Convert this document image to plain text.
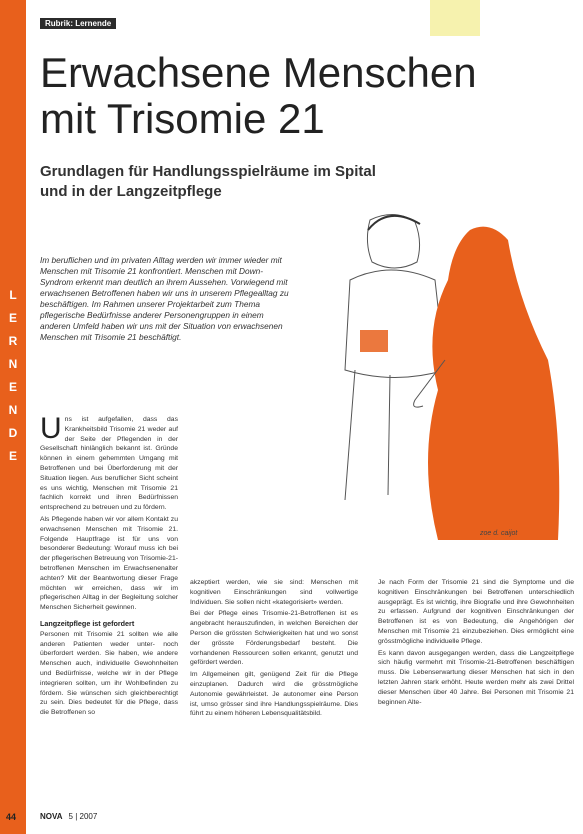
L
E
R
N
E
N
D
E
Rubrik: Lernende
Erwachsene Menschen
mit Trisomie 21
Grundlagen für Handlungsspielräume im Spital
und in der Langzeitpflege

Im beruflichen und im privaten Alltag werden wir immer wieder mit Menschen mit Trisomie 21 konfrontiert. Menschen mit Down-Syndrom erkennt man deutlich an ihrem Aussehen. Vorwiegend mit erwachsenen Betroffenen haben wir uns in unserem Pflegealltag zu beschäftigen. Im Rahmen unserer Projektarbeit zum Thema pflegerische Bedürfnisse anderer Personengruppen in einem anderen Umfeld haben wir uns mit der Situation von erwachsenen Menschen mit Trisomie 21 beschäftigt.

zoe d. caijot

Uns ist aufgefallen, dass das Krankheitsbild Trisomie 21 weder auf der Seite der Pflegenden in der Gesellschaft hinlänglich bekannt ist. Gründe können in einem gehemmten Umgang mit Betroffenen und bei Überforderung mit der Situation liegen. Aus beruflicher Sicht scheint es uns wichtig, Menschen mit Trisomie 21 fachlich korrekt und ihren Bedürfnissen entsprechend zu betreuen und zu fördern.

Als Pflegende haben wir vor allem Kontakt zu erwachsenen Menschen mit Trisomie 21. Folgende Hauptfrage ist für uns von besonderer Bedeutung: Worauf muss ich bei der pflegerischen Betreuung von Trisomie-21-betroffenen Menschen im Erwachsenenalter achten? Mit der Beantwortung dieser Frage möchten wir erreichen, dass wir im pflegerischen Alltag in der Begleitung solcher Menschen Sicherheit gewinnen.

Langzeitpflege ist gefordert

Personen mit Trisomie 21 sollten wie alle anderen Patienten weder unter- noch überfordert werden. Sie haben, wie andere Menschen auch, individuelle Gewohnheiten und Bedürfnisse, welche wir in der Pflege integrieren sollten, um ihr Wohlbefinden zu fördern. Sie wünschen sich gleichberechtigt zu sein. Dies bedeutet für die Pflege, dass die Betroffenen so

akzeptiert werden, wie sie sind: Menschen mit kognitiven Einschränkungen sind vollwertige Individuen. Sie sollen nicht «kategorisiert» werden.

Bei der Pflege eines Trisomie-21-Betroffenen ist es angebracht herauszufinden, in welchen Bereichen der Person die grössten Schwierigkeiten hat und wo sonst der grösste Förderungsbedarf besteht. Die vorhandenen Ressourcen sollen erkannt, genutzt und gefördert werden.

Im Allgemeinen gilt, genügend Zeit für die Pflege einzuplanen. Dadurch wird die grösstmögliche Autonomie gewährleistet. Je autonomer eine Person ist, umso grösser sind ihre Handlungsspielräume. Dies führt zu einem höheren Lebensqualitätsbild.

Je nach Form der Trisomie 21 sind die Symptome und die kognitiven Einschränkungen bei Betroffenen unterschiedlich ausgeprägt. Es ist wichtig, ihre Biografie und ihre Gewohnheiten zu erfassen. Aufgrund der kognitiven Einschränkungen der Betroffenen ist es von Bedeutung, die Angehörigen der Menschen mit Trisomie 21 einzubeziehen. Dies ermöglicht eine grösstmögliche individuelle Pflege.

Es kann davon ausgegangen werden, dass die Langzeitpflege sich häufig vermehrt mit Trisomie-21-Betroffenen beschäftigen muss. Die Lebenserwartung dieser Menschen hat sich in den letzten Jahren stark erhöht. Heute werden mehr als zwei Drittel dieser Menschen über 40 Jahre. Bei Personen mit Trisomie 21 beginnen Alte-

44	NOVA 5 | 2007
